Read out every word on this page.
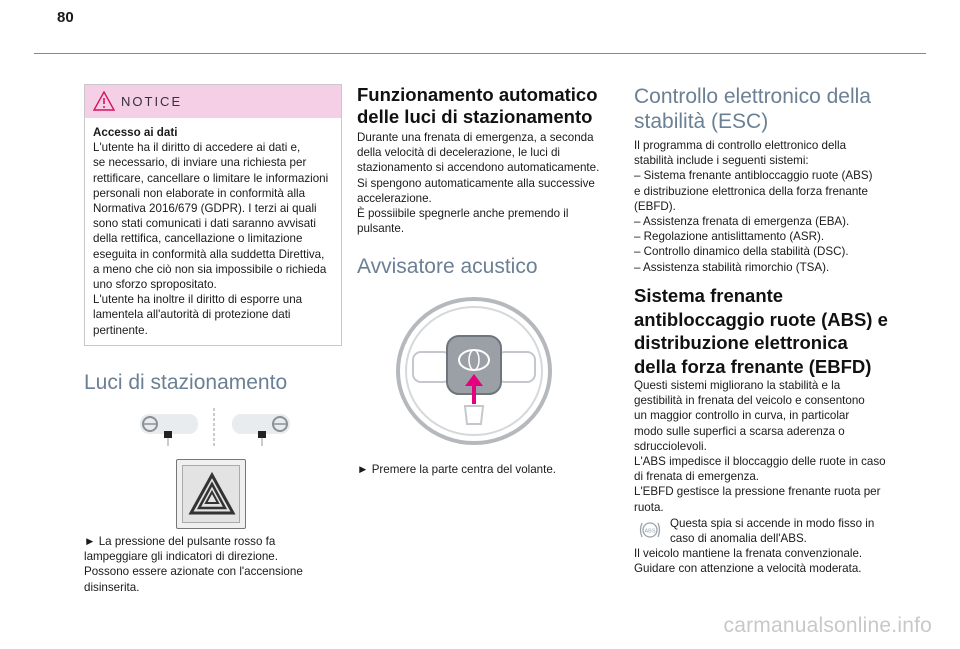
80
NOTICE
Accesso ai dati

L'utente ha il diritto di accedere ai dati e,
se necessario, di inviare una richiesta per
rettificare, cancellare o limitare le informazioni
personali non elaborate in conformità alla
Normativa 2016/679 (GDPR). I terzi ai quali
sono stati comunicati i dati saranno avvisati
della rettifica, cancellazione o limitazione
eseguita in conformità alla suddetta Direttiva,
a meno che ciò non sia impossibile o richieda
uno sforzo spropositato.
L'utente ha inoltre il diritto di esporre una
lamentela all'autorità di protezione dati
pertinente.

Luci di stazionamento
► La pressione del pulsante rosso fa
lampeggiare gli indicatori di direzione.
Possono essere azionate con l'accensione
disinserita.
Funzionamento automatico delle luci di stazionamento
Durante una frenata di emergenza, a seconda
della velocità di decelerazione, le luci di
stazionamento si accendono automaticamente.
Si spengono automaticamente alla successive
accelerazione.
È possiibile spegnerle anche premendo il
pulsante.
Avvisatore acustico
► Premere la parte centra del volante.
Controllo elettronico della stabilità (ESC)
Il programma di controllo elettronico della
stabilità include i seguenti sistemi:
– Sistema frenante antibloccaggio ruote (ABS)
e distribuzione elettronica della forza frenante
(EBFD).
– Assistenza frenata di emergenza (EBA).
– Regolazione antislittamento (ASR).
– Controllo dinamico della stabilità (DSC).
– Assistenza stabilità rimorchio (TSA).
Sistema frenante antibloccaggio ruote (ABS) e distribuzione elettronica della forza frenante (EBFD)
Questi sistemi migliorano la stabilità e la
gestibilità in frenata del veicolo e consentono
un maggior controllo in curva, in particolar
modo sulle superfici a scarsa aderenza o
sdrucciolevoli.
L'ABS impedisce il bloccaggio delle ruote in caso
di frenata di emergenza.
L'EBFD gestisce la pressione frenante ruota per
ruota.
ABS
Questa spia si accende in modo fisso in
caso di anomalia dell'ABS.
Il veicolo mantiene la frenata convenzionale.
Guidare con attenzione a velocità moderata.
carmanualsonline.info
